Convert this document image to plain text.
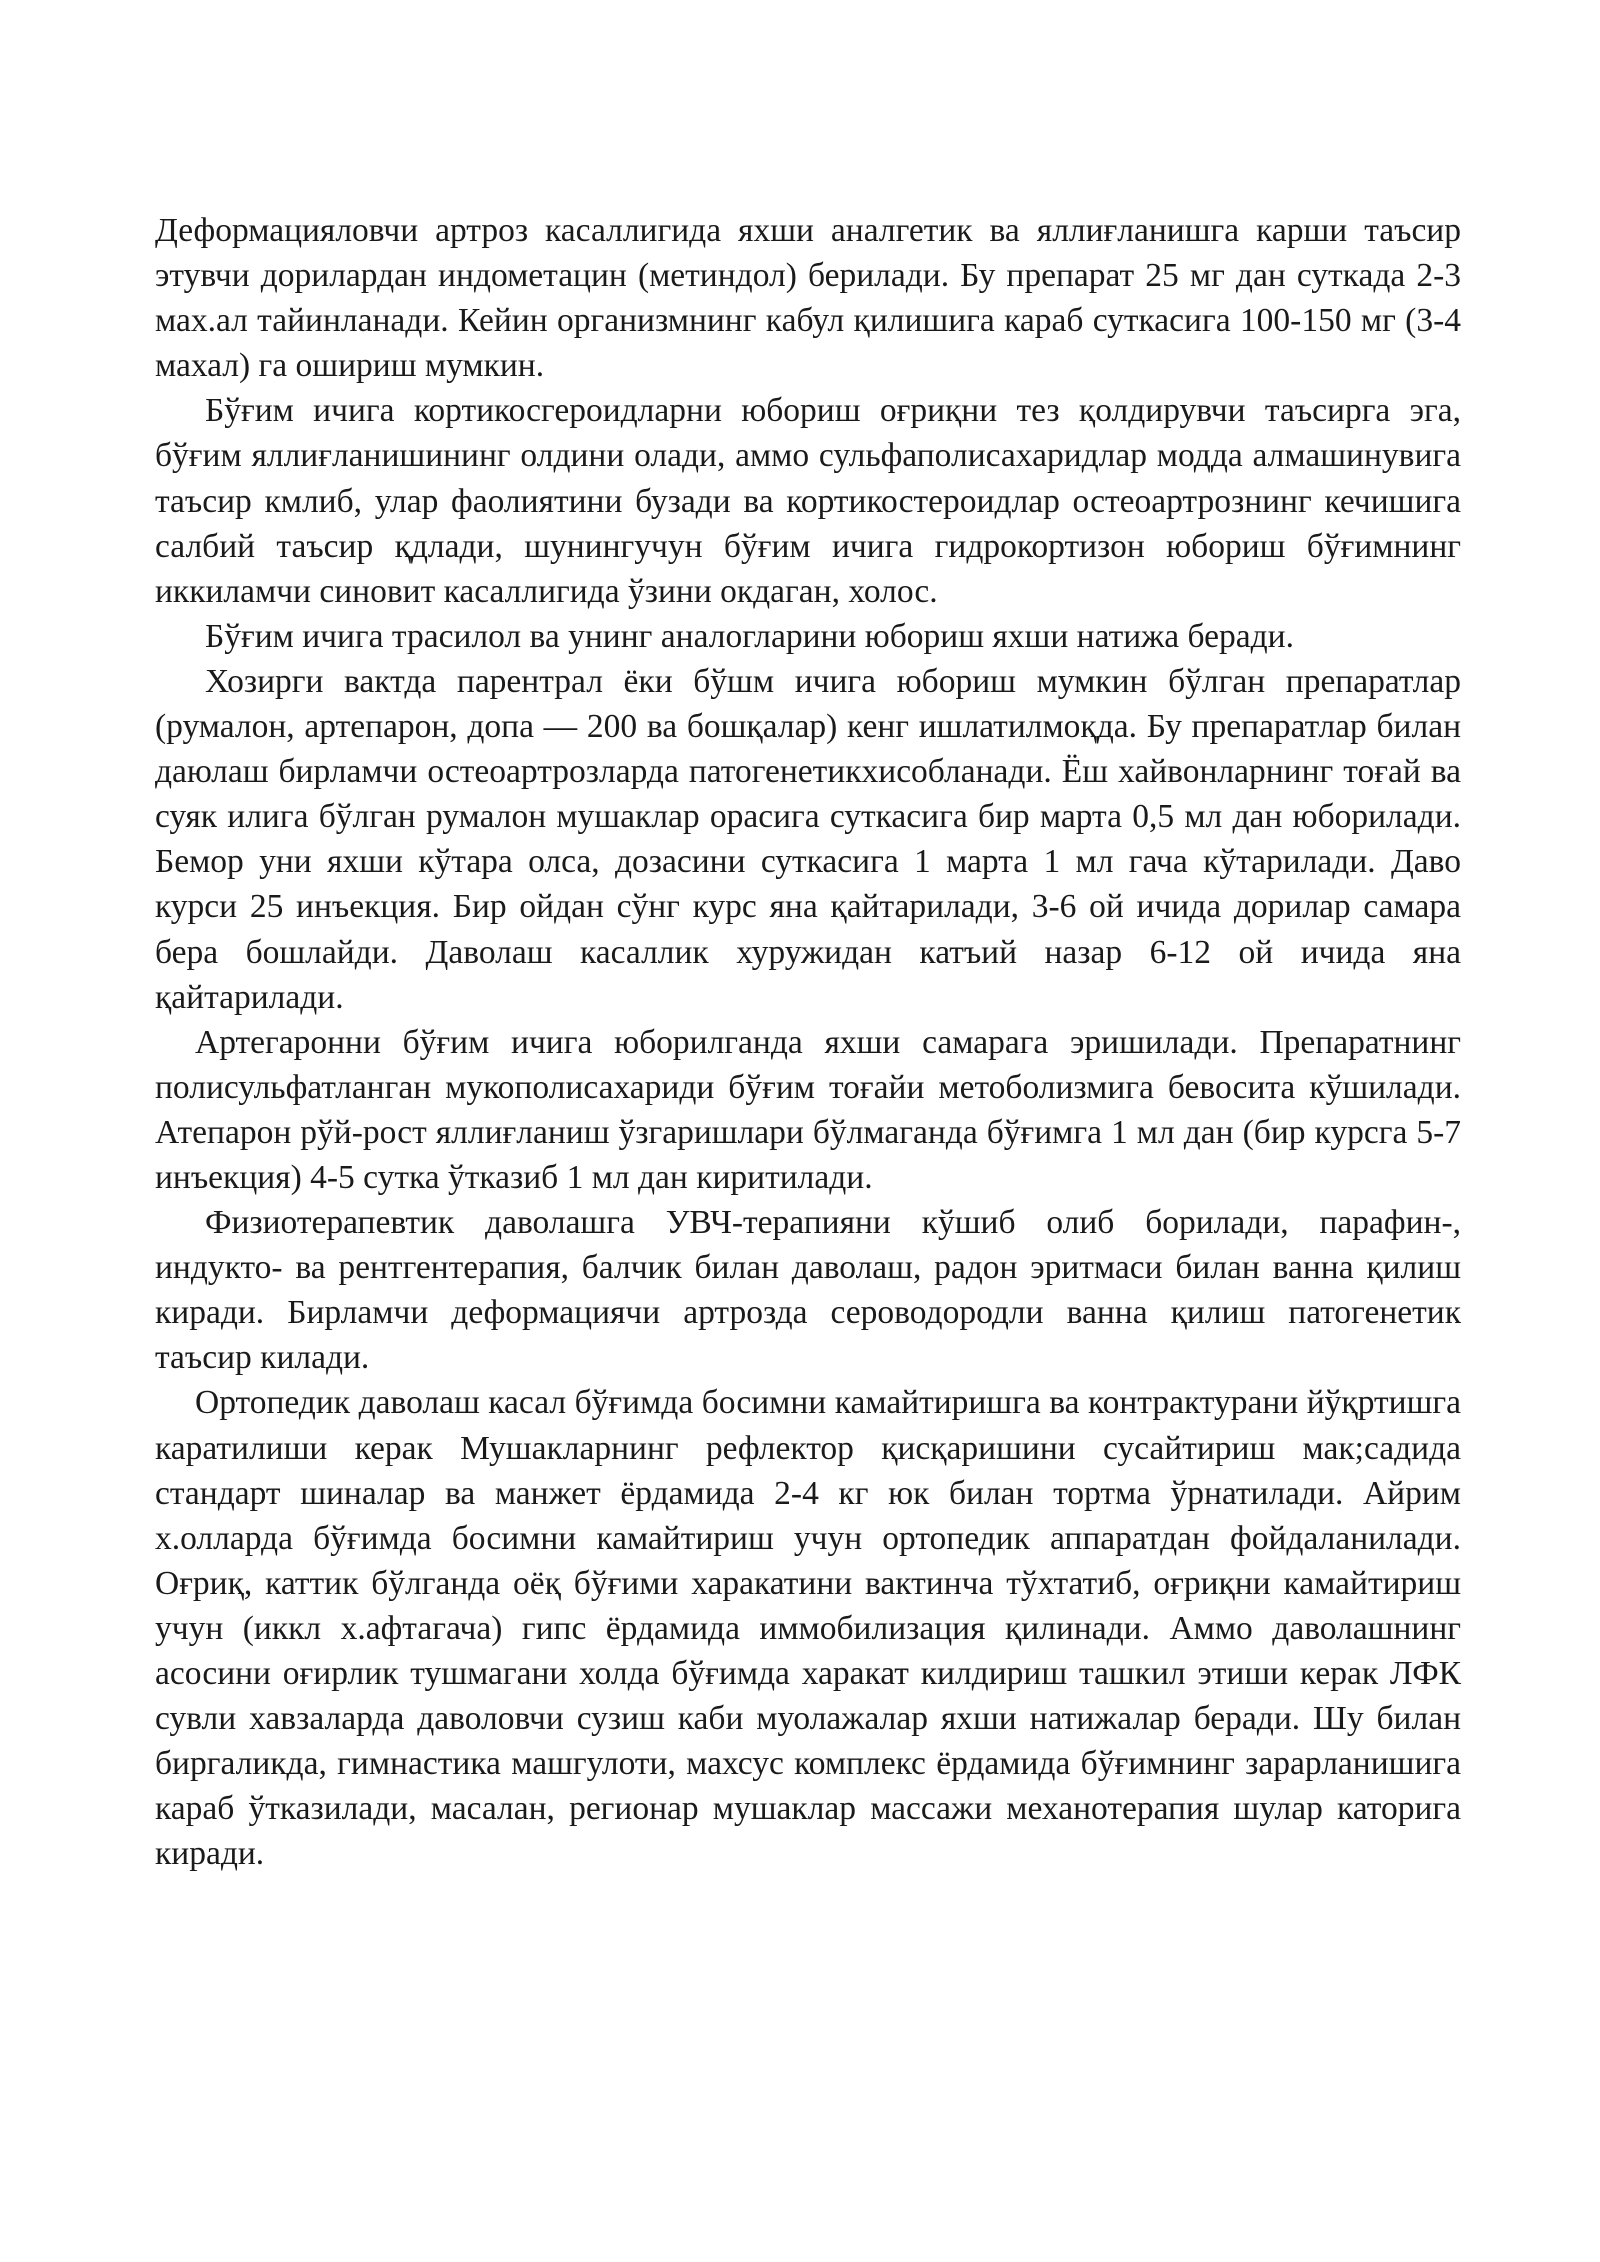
Деформацияловчи артроз касаллигида яхши аналгетик ва яллиғланишга карши таъсир этувчи дорилардан индометацин (метиндол) берилади. Бу препарат 25 мг дан суткада 2-3 мах.ал тайинланади. Кейин организмнинг кабул қилишига караб суткасига 100-150 мг (3-4 махал) га ошириш мумкин.

Бўғим ичига кортикосгероидларни юбориш оғриқни тез қолдирувчи таъсирга эга, бўғим яллиғланишининг олдини олади, аммо сульфаполисахаридлар модда алмашинувига таъсир кмлиб, улар фаолиятини бузади ва кортикостероидлар остеоартрознинг кечишига салбий таъсир қдлади, шунингучун бўғим ичига гидрокортизон юбориш бўғимнинг иккиламчи синовит касаллигида ўзини окдаган, холос.

Бўғим ичига трасилол ва унинг аналогларини юбориш яхши натижа беради.

Хозирги вактда парентрал ёки бўшм ичига юбориш мумкин бўлган препаратлар (румалон, артепарон, допа — 200 ва бошқалар) кенг ишлатилмоқда. Бу препаратлар билан даюлаш бирламчи остеоартрозларда патогенетикхисобланади. Ёш хайвонларнинг тоғай ва суяк илига бўлган румалон мушаклар орасига суткасига бир марта 0,5 мл дан юборилади. Бемор уни яхши кўтара олса, дозасини суткасига 1 марта 1 мл гача кўтарилади. Даво курси 25 инъекция. Бир ойдан сўнг курс яна қайтарилади, 3-6 ой ичида дорилар самара бера бошлайди. Даволаш касаллик хуружидан катъий назар 6-12 ой ичида яна қайтарилади.

Артегаронни бўғим ичига юборилганда яхши самарага эришилади. Препаратнинг полисульфатланган мукополисахариди бўғим тоғайи метоболизмига бевосита кўшилади. Атепарон рўй-рост яллиғланиш ўзгаришлари бўлмаганда бўғимга 1 мл дан (бир курсга 5-7 инъекция) 4-5 сутка ўтказиб 1 мл дан киритилади.

Физиотерапевтик даволашга УВЧ-терапияни кўшиб олиб борилади, парафин-, индукто- ва рентгентерапия, балчик билан даволаш, радон эритмаси билан ванна қилиш киради. Бирламчи деформациячи артрозда сероводородли ванна қилиш патогенетик таъсир килади.

Ортопедик даволаш касал бўғимда босимни камайтиришга ва контрактурани йўқртишга каратилиши керак Мушакларнинг рефлектор қисқаришини сусайтириш мак;садида стандарт шиналар ва манжет ёрдамида 2-4 кг юк билан тортма ўрнатилади. Айрим х.олларда бўғимда босимни камайтириш учун ортопедик аппаратдан фойдаланилади. Оғриқ, каттик бўлганда оёқ бўғими харакатини вактинча тўхтатиб, оғриқни камайтириш учун (иккл х.афтагача) гипс ёрдамида иммобилизация қилинади. Аммо даволашнинг асосини оғирлик тушмагани холда бўғимда харакат килдириш ташкил этиши керак ЛФК сувли хавзаларда даволовчи сузиш каби муолажалар яхши натижалар беради. Шу билан биргаликда, гимнастика машгулоти, махсус комплекс ёрдамида бўғимнинг зарарланишига караб ўтказилади, масалан, регионар мушаклар массажи механотерапия шулар каторига киради.
